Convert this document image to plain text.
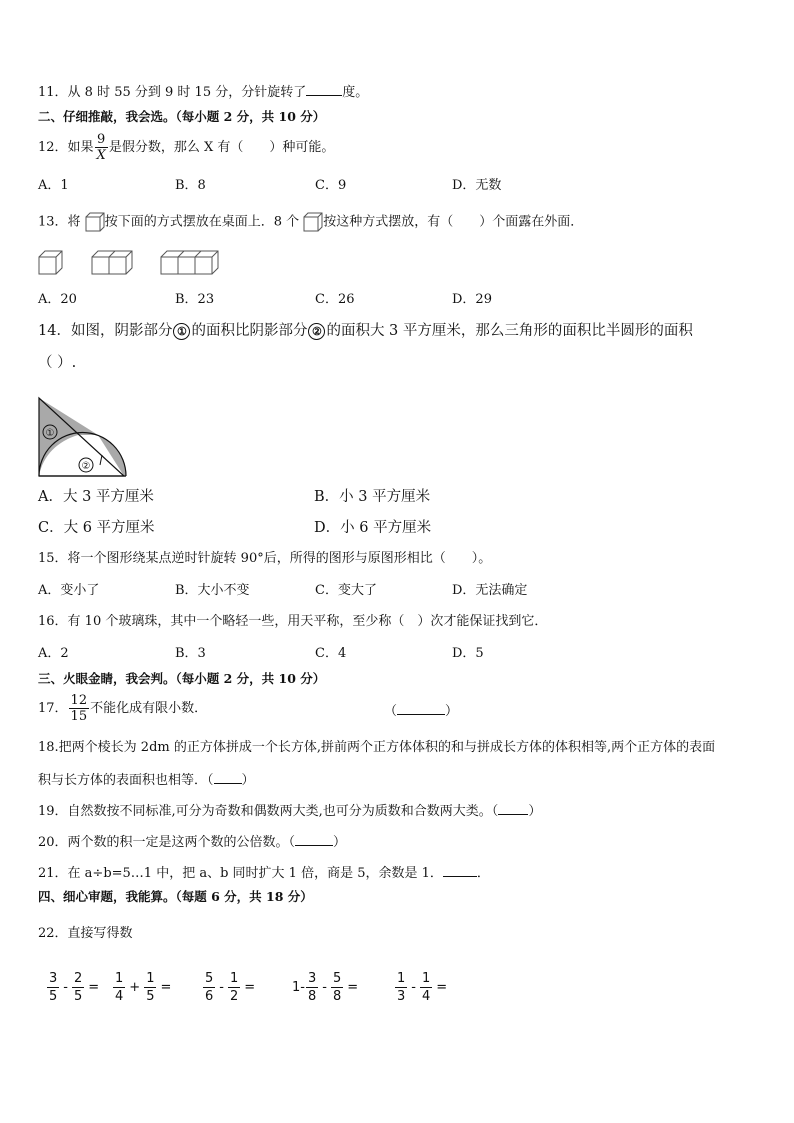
11．从 8 时 55 分到 9 时 15 分，分针旋转了	度。
二、仔细推敲，我会选。（每小题 2 分，共 10 分）
12．如果 $\frac{9}{X}$ 是假分数，那么 X 有（　　）种可能。
A．1	B．8	C．9	D．无数
13．将 按下面的方式摆放在桌面上．8 个 按这种方式摆放，有（　　）个面露在外面．
A．20	B．23	C．26	D．29
14．如图，阴影部分 ① 的面积比阴影部分 ② 的面积大 3 平方厘米，那么三角形的面积比半圆形的面积
（ ）.
①
②
A．大 3 平方厘米	B．小 3 平方厘米
C．大 6 平方厘米	D．小 6 平方厘米
15．将一个图形绕某点逆时针旋转 90°后，所得的图形与原图形相比（　　）。
A．变小了	B．大小不变	C．变大了	D．无法确定
16．有 10 个玻璃珠，其中一个略轻一些，用天平称，至少称（　）次才能保证找到它．
A．2	B．3	C．4	D．5
三、火眼金睛，我会判。（每小题 2 分，共 10 分）
17． $\frac{12}{15}$ 不能化成有限小数．	（	）
18.把两个棱长为 2dm 的正方体拼成一个长方体,拼前两个正方体体积的和与拼成长方体的体积相等,两个正方体的表面
积与长方体的表面积也相等．（ ）
19．自然数按不同标准,可分为奇数和偶数两大类,也可分为质数和合数两大类。（ ）
20．两个数的积一定是这两个数的公倍数。（	）
21．在 a÷b=5…1 中，把 a、b 同时扩大 1 倍，商是 5，余数是 1．	．
四、细心审题，我能算。（每题 6 分，共 18 分）
22．直接写得数
$\frac{3}{5} - \frac{2}{5} = \frac{1}{4} + \frac{1}{5} = \frac{5}{6} - \frac{1}{2}$ =	$1- \frac{3}{8} - \frac{5}{8}$ =	$\frac{1}{3} - \frac{1}{4}$ =
